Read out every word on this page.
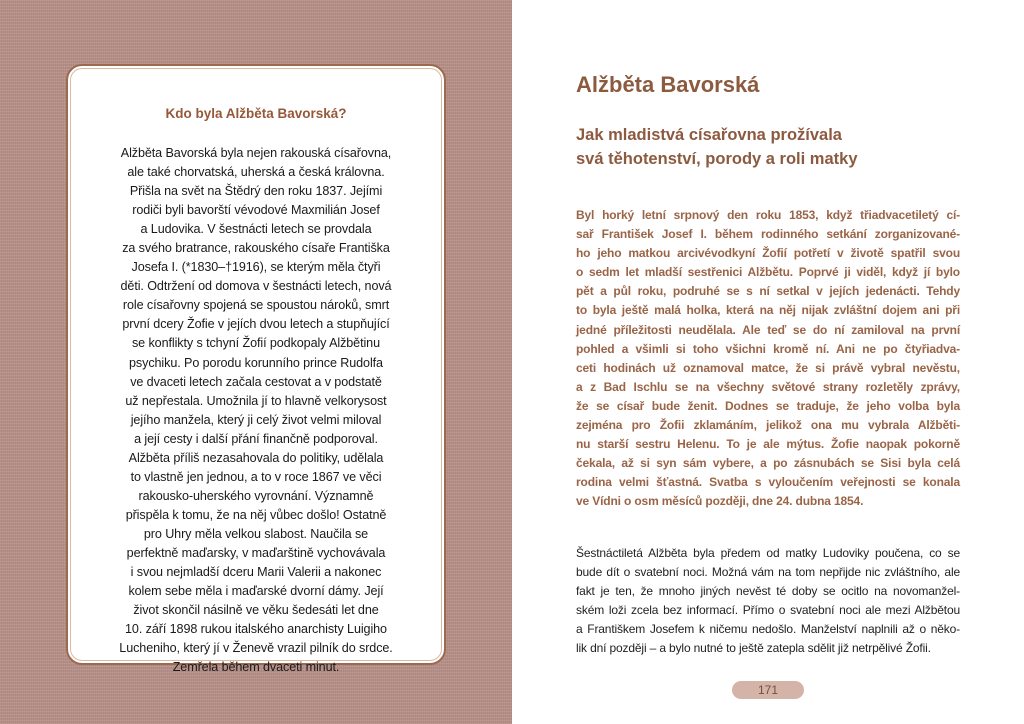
Kdo byla Alžběta Bavorská?
Alžběta Bavorská byla nejen rakouská císařovna,
ale také chorvatská, uherská a česká královna.
Přišla na svět na Štědrý den roku 1837. Jejími
rodiči byli bavorští vévodové Maxmilián Josef
a Ludovika. V šestnácti letech se provdala
za svého bratrance, rakouského císaře Františka
Josefa I. (*1830–†1916), se kterým měla čtyři
děti. Odtržení od domova v šestnácti letech, nová
role císařovny spojená se spoustou nároků, smrt
první dcery Žofie v jejích dvou letech a stupňující
se konflikty s tchyní Žofií podkopaly Alžbětinu
psychiku. Po porodu korunního prince Rudolfa
ve dvaceti letech začala cestovat a v podstatě
už nepřestala. Umožnila jí to hlavně velkorysost
jejího manžela, který ji celý život velmi miloval
a její cesty i další přání finančně podporoval.
Alžběta příliš nezasahovala do politiky, udělala
to vlastně jen jednou, a to v roce 1867 ve věci
rakousko-uherského vyrovnání. Významně
přispěla k tomu, že na něj vůbec došlo! Ostatně
pro Uhry měla velkou slabost. Naučila se
perfektně maďarsky, v maďarštině vychovávala
i svou nejmladší dceru Marii Valerii a nakonec
kolem sebe měla i maďarské dvorní dámy. Její
život skončil násilně ve věku šedesáti let dne
10. září 1898 rukou italského anarchisty Luigiho
Lucheniho, který jí v Ženevě vrazil pilník do srdce.
Zemřela během dvaceti minut.
Alžběta Bavorská
Jak mladistvá císařovna prožívala
svá těhotenství, porody a roli matky
Byl horký letní srpnový den roku 1853, když třiadvacetiletý cí-
sař František Josef I. během rodinného setkání zorganizované-
ho jeho matkou arcivévodkyní Žofií potřetí v životě spatřil svou
o sedm let mladší sestřenici Alžbětu. Poprvé ji viděl, když jí bylo
pět a půl roku, podruhé se s ní setkal v jejích jedenácti. Tehdy
to byla ještě malá holka, která na něj nijak zvláštní dojem ani při
jedné příležitosti neudělala. Ale teď se do ní zamiloval na první
pohled a všimli si toho všichni kromě ní. Ani ne po čtyřiadva-
ceti hodinách už oznamoval matce, že si právě vybral nevěstu,
a z Bad Ischlu se na všechny světové strany rozletěly zprávy,
že se císař bude ženit. Dodnes se traduje, že jeho volba byla
zejména pro Žofii zklamáním, jelikož ona mu vybrala Alžběti-
nu starší sestru Helenu. To je ale mýtus. Žofie naopak pokorně
čekala, až si syn sám vybere, a po zásnubách se Sisi byla celá
rodina velmi šťastná. Svatba s vyloučením veřejnosti se konala
ve Vídni o osm měsíců později, dne 24. dubna 1854.
Šestnáctiletá Alžběta byla předem od matky Ludoviky poučena, co se
bude dít o svatební noci. Možná vám na tom nepřijde nic zvláštního, ale
fakt je ten, že mnoho jiných nevěst té doby se ocitlo na novomanžel-
ském loži zcela bez informací. Přímo o svatební noci ale mezi Alžbětou
a Františkem Josefem k ničemu nedošlo. Manželství naplnili až o něko-
lik dní později – a bylo nutné to ještě zatepla sdělit již netrpělivé Žofii.
171
